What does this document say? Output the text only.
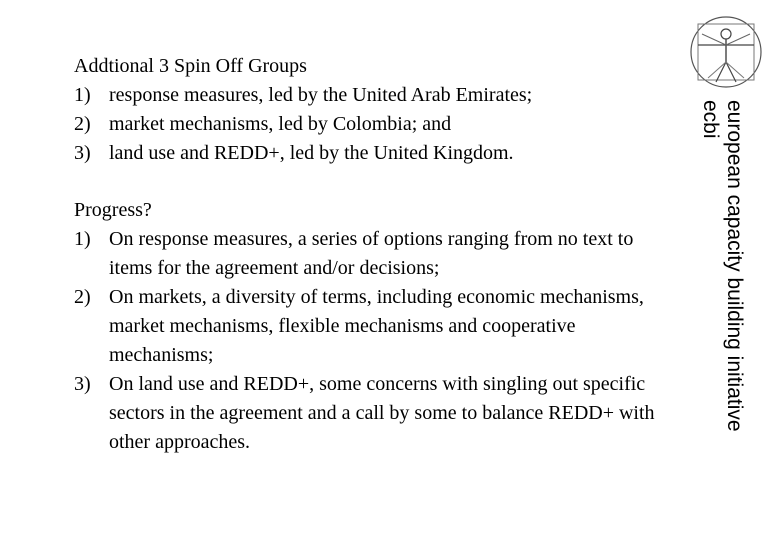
Addtional 3 Spin Off Groups
1) response measures, led by the United Arab Emirates;
2) market mechanisms, led by Colombia; and
3) land use and REDD+, led by the United Kingdom.
Progress?
1) On response measures, a series of options ranging from no text to items for the agreement and/or decisions;
2) On markets, a diversity of terms, including economic mechanisms, market mechanisms, flexible mechanisms and cooperative mechanisms;
3) On land use and REDD+, some concerns with singling out specific sectors in the agreement and a call by some to balance REDD+ with other approaches.
european capacity building initiative
ecbi
